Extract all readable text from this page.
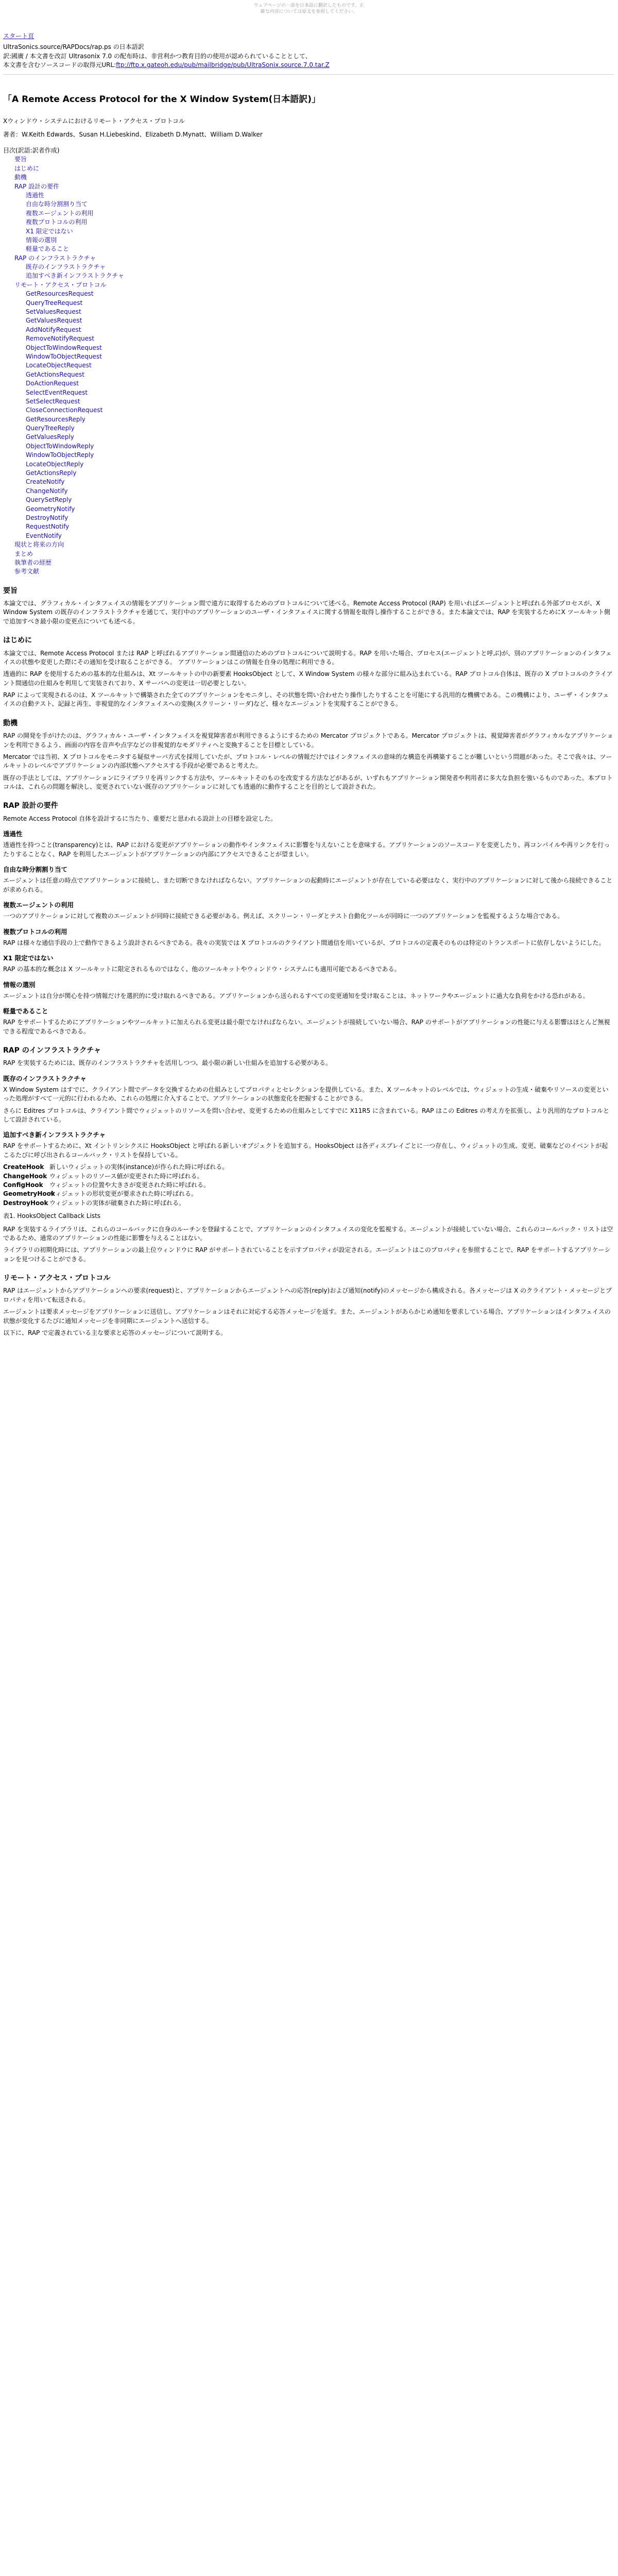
ウェブページの一部を日本語に翻訳したものです。正確な内容については原文を参照してください。
スタート頁

UltraSonics.source/RAPDocs/rap.ps の日本語訳

訳:國廣 / 本文書を改訂 Ultrasonix 7.0 の配布時は、非営利かつ教育目的の使用が認められていることとして、

本文書を含むソースコードの取得元URL:ftp://ftp.x.gateoh.edu/pub/mailbridge/pub/UltraSonix.source.7.0.tar.Z

「A Remote Access Protocol for the X Window System(日本語訳)」

Xウィンドウ・システムにおけるリモート・アクセス・プロトコル

著者：W.Keith Edwards、Susan H.Liebeskind、Elizabeth D.Mynatt、William D.Walker

目次(訳語:訳者作成)

要旨
はじめに
動機
RAP 設計の要件
透過性
自由な時分割割り当て
複数エージェントの利用
複数プロトコルの利用
X1 限定ではない
情報の選別
軽量であること
RAP のインフラストラクチャ
既存のインフラストラクチャ
追加すべき新インフラストラクチャ
リモート・アクセス・プロトコル
GetResourcesRequest
QueryTreeRequest
SetValuesRequest
GetValuesRequest
AddNotifyRequest
RemoveNotifyRequest
ObjectToWindowRequest
WindowToObjectRequest
LocateObjectRequest
GetActionsRequest
DoActionRequest
SelectEventRequest
SetSelectRequest
CloseConnectionRequest
GetResourcesReply
QueryTreeReply
GetValuesReply
ObjectToWindowReply
WindowToObjectReply
LocateObjectReply
GetActionsReply
CreateNotify
ChangeNotify
QuerySetReply
GeometryNotify
DestroyNotify
RequestNotify
EventNotify
現状と将来の方向
まとめ
執筆者の経歴
参考文献
要旨

本論文では、グラフィカル・インタフェイスの情報をアプリケーション間で遠方に取得するためのプロトコルについて述べる。Remote Access Protocol (RAP) を用いればエージェントと呼ばれる外部プロセスが、X Window System の既存のインフラストラクチャを通じて、実行中のアプリケーションのユーザ・インタフェイスに関する情報を取得し操作することができる。また本論文では、RAP を実装するためにX ツールキット側で追加すべき最小限の変更点についても述べる。

はじめに

本論文では、Remote Access Protocol または RAP と呼ばれるアプリケーション間通信のためのプロトコルについて説明する。RAP を用いた場合、プロセス(エージェントと呼ぶ)が、別のアプリケーションのインタフェイスの状態や変更した際にその通知を受け取ることができる。 アプリケーションはこの情報を自身の処理に利用できる。

透過的に RAP を使用するための基本的な仕組みは、Xt ツールキットの中の新要素 HooksObject として、X Window System の様々な部分に組み込まれている。RAP プロトコル自体は、既存の X プロトコルのクライアント間通信の仕組みを利用して実装されており、X サーバへの変更は一切必要としない。

RAP によって実現されるのは、X ツールキットで構築された全てのアプリケーションをモニタし、その状態を問い合わせたり操作したりすることを可能にする汎用的な機構である。この機構により、ユーザ・インタフェイスの自動テスト、記録と再生、非視覚的なインタフェイスへの変換(スクリーン・リーダ)など、様々なエージェントを実現することができる。

動機

RAP の開発を手がけたのは、グラフィカル・ユーザ・インタフェイスを視覚障害者が利用できるようにするための Mercator プロジェクトである。Mercator プロジェクトは、視覚障害者がグラフィカルなアプリケーションを利用できるよう、画面の内容を音声や点字などの非視覚的なモダリティへと変換することを目標としている。

Mercator では当初、X プロトコルをモニタする疑似サーバ方式を採用していたが、プロトコル・レベルの情報だけではインタフェイスの意味的な構造を再構築することが難しいという問題があった。そこで我々は、ツールキットのレベルでアプリケーションの内部状態へアクセスする手段が必要であると考えた。

既存の手法としては、アプリケーションにライブラリを再リンクする方法や、ツールキットそのものを改変する方法などがあるが、いずれもアプリケーション開発者や利用者に多大な負担を強いるものであった。本プロトコルは、これらの問題を解決し、変更されていない既存のアプリケーションに対しても透過的に動作することを目的として設計された。

RAP 設計の要件

Remote Access Protocol 自体を設計するに当たり、重要だと思われる設計上の目標を設定した。

透過性

透過性を持つこと(transparency)とは、RAP における変更がアプリケーションの動作やインタフェイスに影響を与えないことを意味する。アプリケーションのソースコードを変更したり、再コンパイルや再リンクを行ったりすることなく、RAP を利用したエージェントがアプリケーションの内部にアクセスできることが望ましい。

自由な時分割割り当て

エージェントは任意の時点でアプリケーションに接続し、また切断できなければならない。アプリケーションの起動時にエージェントが存在している必要はなく、実行中のアプリケーションに対して後から接続できることが求められる。

複数エージェントの利用

一つのアプリケーションに対して複数のエージェントが同時に接続できる必要がある。例えば、スクリーン・リーダとテスト自動化ツールが同時に一つのアプリケーションを監視するような場合である。

複数プロトコルの利用

RAP は様々な通信手段の上で動作できるよう設計されるべきである。我々の実装では X プロトコルのクライアント間通信を用いているが、プロトコルの定義そのものは特定のトランスポートに依存しないようにした。

X1 限定ではない

RAP の基本的な概念は X ツールキットに限定されるものではなく、他のツールキットやウィンドウ・システムにも適用可能であるべきである。

情報の選別

エージェントは自分が関心を持つ情報だけを選択的に受け取れるべきである。アプリケーションから送られるすべての変更通知を受け取ることは、ネットワークやエージェントに過大な負荷をかける恐れがある。

軽量であること

RAP をサポートするためにアプリケーションやツールキットに加えられる変更は最小限でなければならない。エージェントが接続していない場合、RAP のサポートがアプリケーションの性能に与える影響はほとんど無視できる程度であるべきである。

RAP のインフラストラクチャ

RAP を実装するためには、既存のインフラストラクチャを活用しつつ、最小限の新しい仕組みを追加する必要がある。

既存のインフラストラクチャ

X Window System はすでに、クライアント間でデータを交換するための仕組みとしてプロパティとセレクションを提供している。また、X ツールキットのレベルでは、ウィジェットの生成・破棄やリソースの変更といった処理がすべて一元的に行われるため、これらの処理に介入することで、アプリケーションの状態変化を把握することができる。

さらに Editres プロトコルは、クライアント間でウィジェットのリソースを問い合わせ、変更するための仕組みとしてすでに X11R5 に含まれている。RAP はこの Editres の考え方を拡張し、より汎用的なプロトコルとして設計されている。

追加すべき新インフラストラクチャ

RAP をサポートするために、Xt イントリンシクスに HooksObject と呼ばれる新しいオブジェクトを追加する。HooksObject は各ディスプレイごとに一つ存在し、ウィジェットの生成、変更、破棄などのイベントが起こるたびに呼び出されるコールバック・リストを保持している。

CreateHook 新しいウィジェットの実体(instance)が作られた時に呼ばれる。
ChangeHook ウィジェットのリソース値が変更された時に呼ばれる。
ConfigHook ウィジェットの位置や大きさが変更された時に呼ばれる。
GeometryHookウィジェットの形状変更が要求された時に呼ばれる。
DestroyHook ウィジェットの実体が破棄された時に呼ばれる。

表1. HooksObject Callback Lists

RAP を実装するライブラリは、これらのコールバックに自身のルーチンを登録することで、アプリケーションのインタフェイスの変化を監視する。エージェントが接続していない場合、これらのコールバック・リストは空であるため、通常のアプリケーションの性能に影響を与えることはない。

ライブラリの初期化時には、アプリケーションの最上位ウィンドウに RAP がサポートされていることを示すプロパティが設定される。エージェントはこのプロパティを参照することで、RAP をサポートするアプリケーションを見つけることができる。

リモート・アクセス・プロトコル

RAP はエージェントからアプリケーションへの要求(request)と、アプリケーションからエージェントへの応答(reply)および通知(notify)のメッセージから構成される。各メッセージは X のクライアント・メッセージとプロパティを用いて転送される。

エージェントは要求メッセージをアプリケーションに送信し、アプリケーションはそれに対応する応答メッセージを返す。また、エージェントがあらかじめ通知を要求している場合、アプリケーションはインタフェイスの状態が変化するたびに通知メッセージを非同期にエージェントへ送信する。

以下に、RAP で定義されている主な要求と応答のメッセージについて説明する。
